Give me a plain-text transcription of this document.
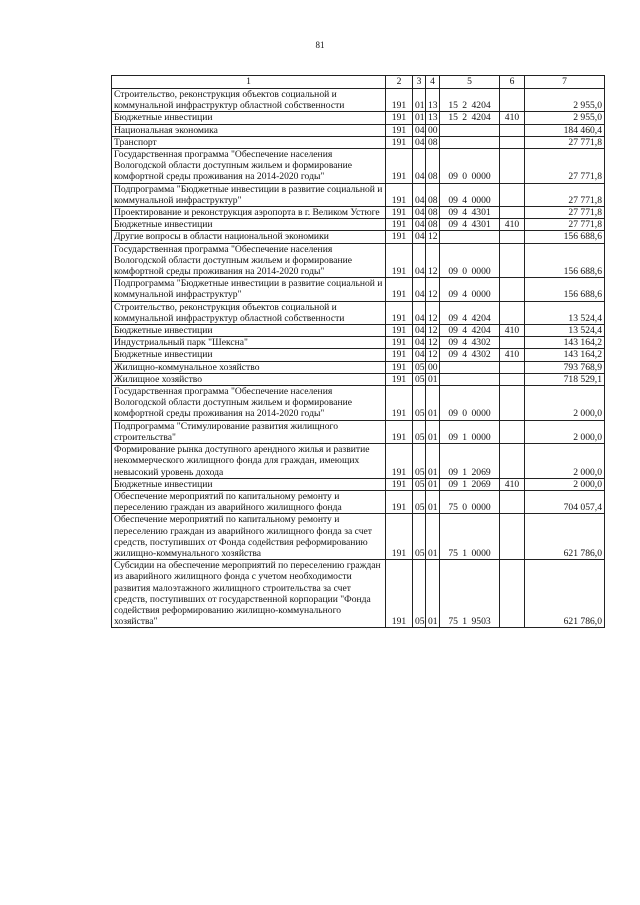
81
1	2	3	4	5	6	7
Строительство, реконструкция объектов социальной и коммунальной инфраструктур областной собственности	191	01	13	15 2 4204		2 955,0
Бюджетные инвестиции	191	01	13	15 2 4204	410	2 955,0
Национальная экономика	191	04	00			184 460,4
Транспорт	191	04	08			27 771,8
Государственная программа "Обеспечение населения Вологодской области доступным жильем и формирование комфортной среды проживания на 2014-2020 годы"	191	04	08	09 0 0000		27 771,8
Подпрограмма "Бюджетные инвестиции в развитие социальной и коммунальной инфраструктур"	191	04	08	09 4 0000		27 771,8
Проектирование и реконструкция аэропорта в г. Великом Устюге	191	04	08	09 4 4301		27 771,8
Бюджетные инвестиции	191	04	08	09 4 4301	410	27 771,8
Другие вопросы в области национальной экономики	191	04	12			156 688,6
Государственная программа "Обеспечение населения Вологодской области доступным жильем и формирование комфортной среды проживания на 2014-2020 годы"	191	04	12	09 0 0000		156 688,6
Подпрограмма "Бюджетные инвестиции в развитие социальной и коммунальной инфраструктур"	191	04	12	09 4 0000		156 688,6
Строительство, реконструкция объектов социальной и коммунальной инфраструктур областной собственности	191	04	12	09 4 4204		13 524,4
Бюджетные инвестиции	191	04	12	09 4 4204	410	13 524,4
Индустриальный парк "Шексна"	191	04	12	09 4 4302		143 164,2
Бюджетные инвестиции	191	04	12	09 4 4302	410	143 164,2
Жилищно-коммунальное хозяйство	191	05	00			793 768,9
Жилищное хозяйство	191	05	01			718 529,1
Государственная программа "Обеспечение населения Вологодской области доступным жильем и формирование комфортной среды проживания на 2014-2020 годы"	191	05	01	09 0 0000		2 000,0
Подпрограмма "Стимулирование развития жилищного строительства"	191	05	01	09 1 0000		2 000,0
Формирование рынка доступного арендного жилья и развитие некоммерческого жилищного фонда для граждан, имеющих невысокий уровень дохода	191	05	01	09 1 2069		2 000,0
Бюджетные инвестиции	191	05	01	09 1 2069	410	2 000,0
Обеспечение мероприятий по капитальному ремонту и переселению граждан из аварийного жилищного фонда	191	05	01	75 0 0000		704 057,4
Обеспечение мероприятий по капитальному ремонту и переселению граждан из аварийного жилищного фонда за счет средств, поступивших от Фонда содействия реформированию жилищно-коммунального хозяйства	191	05	01	75 1 0000		621 786,0
Субсидии на обеспечение мероприятий по переселению граждан из аварийного жилищного фонда с учетом необходимости развития малоэтажного жилищного строительства за счет средств, поступивших от государственной корпорации "Фонда содействия реформированию жилищно-коммунального хозяйства"	191	05	01	75 1 9503		621 786,0
